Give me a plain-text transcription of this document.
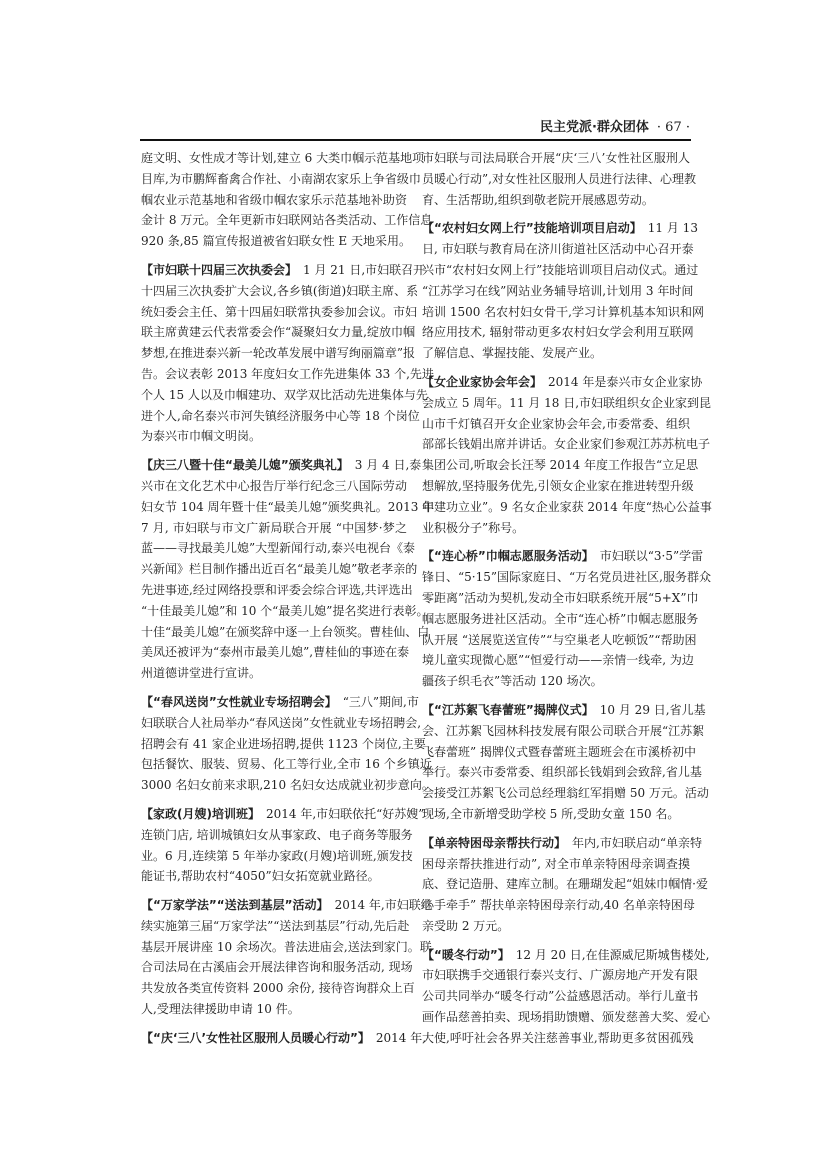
民主党派·群众团体 · 67 ·
庭文明、女性成才等计划,建立 6 大类巾帼示范基地项
目库,为市鹏辉畜禽合作社、小南湖农家乐上争省级巾
帼农业示范基地和省级巾帼农家乐示范基地补助资
金计 8 万元。全年更新市妇联网站各类活动、工作信息
920 条,85 篇宣传报道被省妇联女性 E 天地采用。
【市妇联十四届三次执委会】 1 月 21 日,市妇联召开
十四届三次执委扩大会议,各乡镇(街道)妇联主席、系
统妇委会主任、第十四届妇联常执委参加会议。市妇
联主席黄建云代表常委会作“凝聚妇女力量,绽放巾帼
梦想,在推进泰兴新一轮改革发展中谱写绚丽篇章”报
告。会议表彰 2013 年度妇女工作先进集体 33 个,先进
个人 15 人以及巾帼建功、双学双比活动先进集体与先
进个人,命名泰兴市河失镇经济服务中心等 18 个岗位
为泰兴市巾帼文明岗。
【庆三八暨十佳“最美儿媳”颁奖典礼】 3 月 4 日,泰
兴市在文化艺术中心报告厅举行纪念三八国际劳动
妇女节 104 周年暨十佳“最美儿媳”颁奖典礼。2013 年
7 月, 市妇联与市文广新局联合开展 “中国梦·梦之
蓝——寻找最美儿媳”大型新闻行动,泰兴电视台《泰
兴新闻》栏目制作播出近百名“最美儿媳”敬老孝亲的
先进事迹,经过网络投票和评委会综合评选,共评选出
“十佳最美儿媳”和 10 个“最美儿媳”提名奖进行表彰。
十佳“最美儿媳”在颁奖辞中逐一上台领奖。曹桂仙、白
美凤还被评为“泰州市最美儿媳”,曹桂仙的事迹在泰
州道德讲堂进行宣讲。
【“春风送岗”女性就业专场招聘会】 “三八”期间,市
妇联联合人社局举办“春风送岗”女性就业专场招聘会,
招聘会有 41 家企业进场招聘,提供 1123 个岗位,主要
包括餐饮、服装、贸易、化工等行业,全市 16 个乡镇近
3000 名妇女前来求职,210 名妇女达成就业初步意向。
【家政(月嫂)培训班】 2014 年,市妇联依托“好苏嫂”
连锁门店, 培训城镇妇女从事家政、电子商务等服务
业。6 月,连续第 5 年举办家政(月嫂)培训班,颁发技
能证书,帮助农村“4050”妇女拓宽就业路径。
【“万家学法”“送法到基层”活动】 2014 年,市妇联继
续实施第三届“万家学法”“送法到基层”行动,先后赴
基层开展讲座 10 余场次。普法进庙会,送法到家门。联
合司法局在古溪庙会开展法律咨询和服务活动, 现场
共发放各类宣传资料 2000 余份, 接待咨询群众上百
人,受理法律援助申请 10 件。
【“庆‘三八’女性社区服刑人员暖心行动”】 2014 年,
市妇联与司法局联合开展“庆‘三八’女性社区服刑人
员暖心行动”,对女性社区服刑人员进行法律、心理教
育、生活帮助,组织到敬老院开展感恩劳动。
【“农村妇女网上行”技能培训项目启动】 11 月 13
日, 市妇联与教育局在济川街道社区活动中心召开泰
兴市“农村妇女网上行”技能培训项目启动仪式。通过
“江苏学习在线”网站业务辅导培训,计划用 3 年时间
培训 1500 名农村妇女骨干,学习计算机基本知识和网
络应用技术, 辐射带动更多农村妇女学会利用互联网
了解信息、掌握技能、发展产业。
【女企业家协会年会】 2014 年是泰兴市女企业家协
会成立 5 周年。11 月 18 日,市妇联组织女企业家到昆
山市千灯镇召开女企业家协会年会,市委常委、组织
部部长钱娟出席并讲话。女企业家们参观江苏苏杭电子
集团公司,听取会长汪琴 2014 年度工作报告“立足思
想解放,坚持服务优先,引领女企业家在推进转型升级
中建功立业”。9 名女企业家获 2014 年度“热心公益事
业积极分子”称号。
【“连心桥”巾帼志愿服务活动】 市妇联以“3·5”学雷
锋日、“5·15”国际家庭日、“万名党员进社区,服务群众
零距离”活动为契机,发动全市妇联系统开展“5+X”巾
帼志愿服务进社区活动。全市“连心桥”巾帼志愿服务
队开展 “送展览送宣传”“与空巢老人吃顿饭”“帮助困
境儿童实现微心愿”“恒爱行动——亲情一线牵, 为边
疆孩子织毛衣”等活动 120 场次。
【“江苏絮飞春蕾班”揭牌仪式】 10 月 29 日,省儿基
会、江苏絮飞园林科技发展有限公司联合开展“江苏絮
飞春蕾班” 揭牌仪式暨春蕾班主题班会在市溪桥初中
举行。泰兴市委常委、组织部长钱娟到会致辞,省儿基
会接受江苏絮飞公司总经理翁红军捐赠 50 万元。活动
现场,全市新增受助学校 5 所,受助女童 150 名。
【单亲特困母亲帮扶行动】 年内,市妇联启动“单亲特
困母亲帮扶推进行动”, 对全市单亲特困母亲调查摸
底、登记造册、建库立制。在珊瑚发起“姐妹巾帼情·爱
心手牵手” 帮扶单亲特困母亲行动,40 名单亲特困母
亲受助 2 万元。
【“暖冬行动”】 12 月 20 日,在佳源威尼斯城售楼处,
市妇联携手交通银行泰兴支行、广源房地产开发有限
公司共同举办“暖冬行动”公益感恩活动。举行儿童书
画作品慈善拍卖、现场捐助馈赠、颁发慈善大奖、爱心
大使,呼吁社会各界关注慈善事业,帮助更多贫困孤残
